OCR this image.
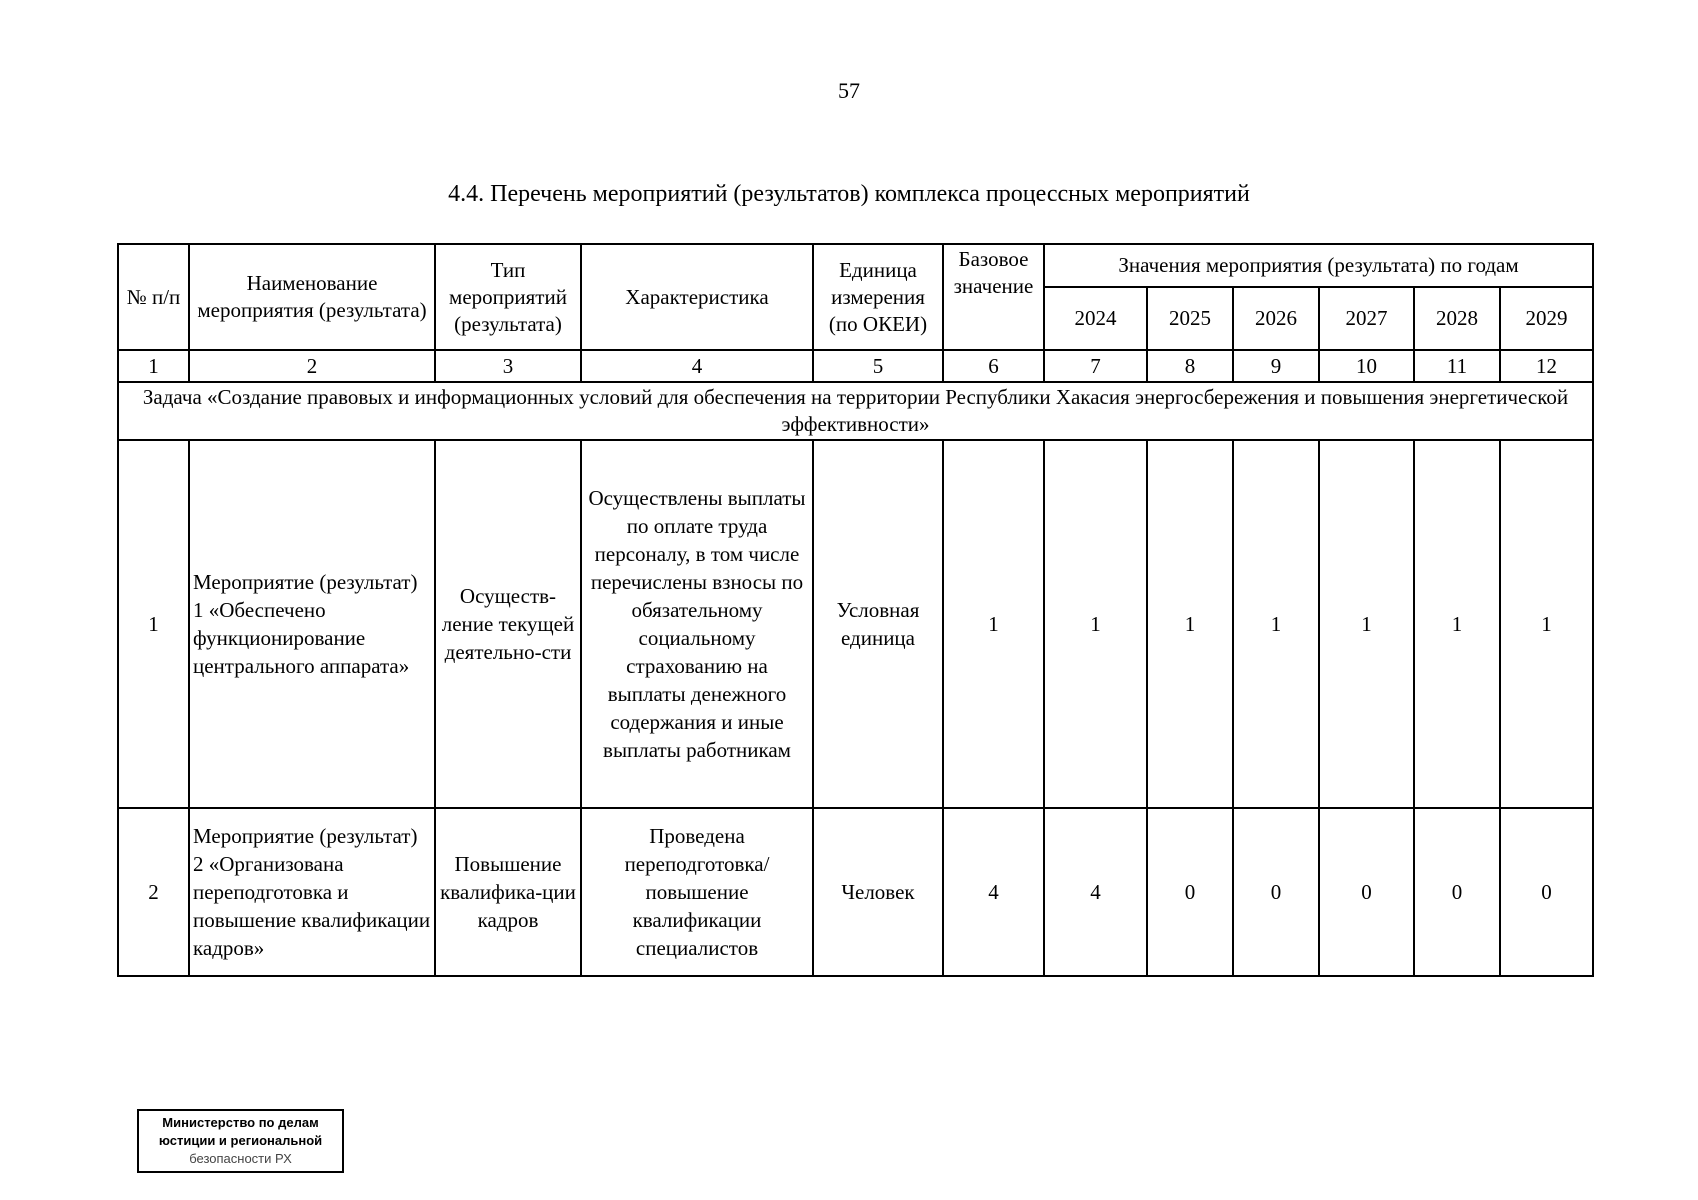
57
4.4. Перечень мероприятий (результатов) комплекса процессных мероприятий
№ п/п	Наименование мероприятия (результата)	Тип мероприятий (результата)	Характеристика	Единица измерения (по ОКЕИ)	Базовое значение	Значения мероприятия (результата) по годам					
						2024	2025	2026	2027	2028	2029
1	2	3	4	5	6	7	8	9	10	11	12
Задача «Создание правовых и информационных условий для обеспечения на территории Республики Хакасия энергосбережения и повышения энергетической эффективности»											
1	Мероприятие (результат) 1 «Обеспечено функционирование центрального аппарата»	Осуществ-ление текущей деятельно-сти	Осуществлены выплаты по оплате труда персоналу, в том числе перечислены взносы по обязательному социальному страхованию на выплаты денежного содержания и иные выплаты работникам	Условная единица	1	1	1	1	1	1	1
2	Мероприятие (результат) 2 «Организована переподготовка и повышение квалификации кадров»	Повышение квалифика-ции кадров	Проведена переподготовка/ повышение квалификации специалистов	Человек	4	4	0	0	0	0	0
Министерство по делам
юстиции и региональной
безопасности РХ
